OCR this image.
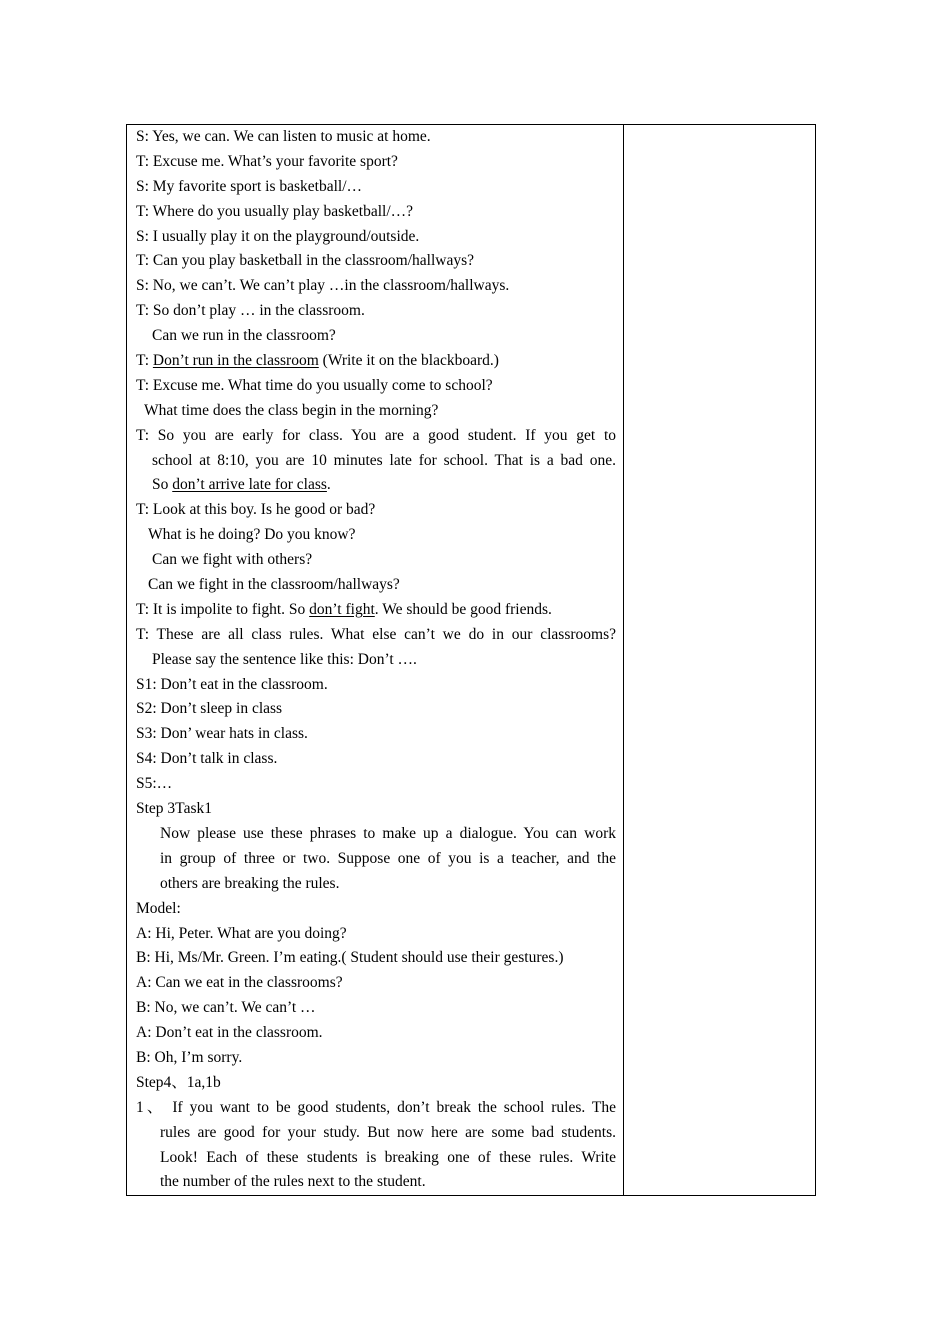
S: Yes, we can. We can listen to music at home.
T: Excuse me. What’s your favorite sport?
S: My favorite sport is basketball/…
T: Where do you usually play basketball/…?
S: I usually play it on the playground/outside.
T: Can you play basketball in the classroom/hallways?
S: No, we can’t. We can’t play …in the classroom/hallways.
T: So don’t play … in the classroom.
Can we run in the classroom?
T: Don’t run in the classroom (Write it on the blackboard.)
T: Excuse me. What time do you usually come to school?
What time does the class begin in the morning?
T: So you are early for class. You are a good student. If you get to
school at 8:10, you are 10 minutes late for school. That is a bad one.
So don’t arrive late for class.
T: Look at this boy. Is he good or bad?
What is he doing? Do you know?
Can we fight with others?
Can we fight in the classroom/hallways?
T: It is impolite to fight. So don’t fight. We should be good friends.
T: These are all class rules. What else can’t we do in our classrooms?
Please say the sentence like this: Don’t ….
S1: Don’t eat in the classroom.
S2: Don’t sleep in class
S3: Don’ wear hats in class.
S4: Don’t talk in class.
S5:…
Step 3Task1
Now please use these phrases to make up a dialogue. You can work
in group of three or two. Suppose one of you is a teacher, and the
others are breaking the rules.
Model:
A: Hi, Peter. What are you doing?
B: Hi, Ms/Mr. Green. I’m eating.( Student should use their gestures.)
A: Can we eat in the classrooms?
B: No, we can’t. We can’t …
A: Don’t eat in the classroom.
B: Oh, I’m sorry.
Step4、1a,1b
1、 If you want to be good students, don’t break the school rules. The
rules are good for your study. But now here are some bad students.
Look! Each of these students is breaking one of these rules. Write
the number of the rules next to the student.
